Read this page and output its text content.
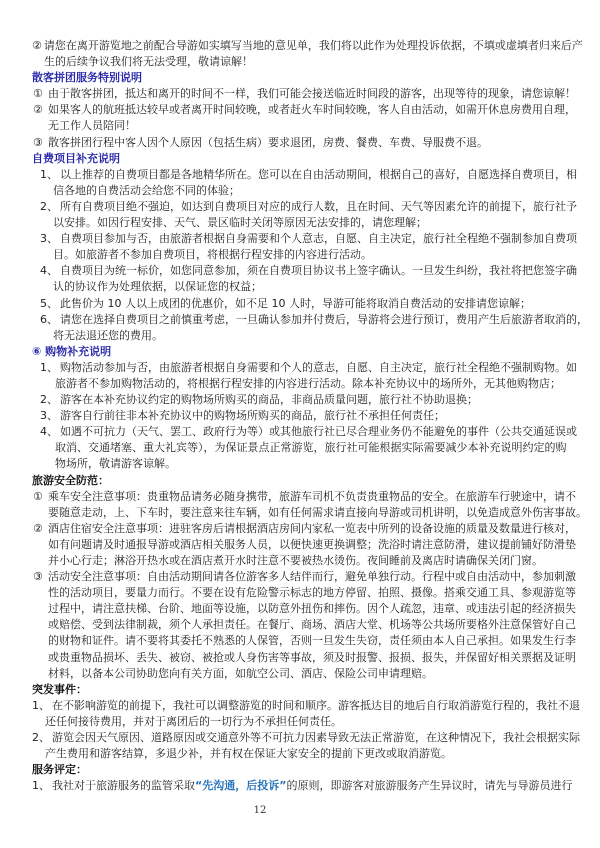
② 请您在离开游览地之前配合导游如实填写当地的意见单，我们将以此作为处理投诉依据，不填或虚填者归来后产
生的后续争议我们将无法受理，敬请谅解！
散客拼团服务特别说明
① 由于散客拼团，抵达和离开的时间不一样，我们可能会接送临近时间段的游客，出现等待的现象，请您谅解！
② 如果客人的航班抵达较早或者离开时间较晚，或者赶火车时间较晚，客人自由活动，如需开休息房费用自理，
无工作人员陪同！
③ 散客拼团行程中客人因个人原因（包括生病）要求退团，房费、餐费、车费、导服费不退。
自费项目补充说明
1、 以上推荐的自费项目都是各地精华所在。您可以在自由活动期间，根据自己的喜好，自愿选择自费项目，相
信各地的自费活动会给您不同的体验；
2、 所有自费项目绝不强迫，如达到自费项目对应的成行人数，且在时间、天气等因素允许的前提下，旅行社予
以安排。如因行程安排、天气、景区临时关闭等原因无法安排的，请您理解；
3、 自费项目参加与否，由旅游者根据自身需要和个人意志，自愿、自主决定，旅行社全程绝不强制参加自费项
目。如旅游者不参加自费项目，将根据行程安排的内容进行活动。
4、 自费项目为统一标价，如您同意参加，须在自费项目协议书上签字确认。一旦发生纠纷，我社将把您签字确
认的协议作为处理依据，以保证您的权益；
5、 此售价为 10 人以上成团的优惠价，如不足 10 人时，导游可能将取消自费活动的安排请您谅解；
6、 请您在选择自费项目之前慎重考虑，一旦确认参加并付费后，导游将会进行预订，费用产生后旅游者取消的，
将无法退还您的费用。
⑥ 购物补充说明
1、 购物活动参加与否，由旅游者根据自身需要和个人的意志，自愿、自主决定，旅行社全程绝不强制购物。如
旅游者不参加购物活动的，将根据行程安排的内容进行活动。除本补充协议中的场所外，无其他购物店；
2、 游客在本补充协议约定的购物场所购买的商品，非商品质量问题，旅行社不协助退换；
3、 游客自行前往非本补充协议中的购物场所购买的商品，旅行社不承担任何责任；
4、 如遇不可抗力（天气、罢工、政府行为等）或其他旅行社已尽合理业务仍不能避免的事件（公共交通延误或
取消、交通堵塞、重大礼宾等），为保证景点正常游览，旅行社可能根据实际需要减少本补充说明约定的购
物场所，敬请游客谅解。
旅游安全防范：
① 乘车安全注意事项：贵重物品请务必随身携带，旅游车司机不负责贵重物品的安全。在旅游车行驶途中，请不
要随意走动，上、下车时，要注意来往车辆，如有任何需求请直接向导游或司机讲明，以免造成意外伤害事故。
② 酒店住宿安全注意事项：进驻客房后请根据酒店房间内家私一览表中所列的设备设施的质量及数量进行核对，
如有问题请及时通报导游或酒店相关服务人员，以便快速更换调整；洗浴时请注意防滑，建议提前铺好防滑垫
并小心行走；淋浴开热水或在酒店煮开水时注意不要被热水烫伤。夜间睡前及离店时请确保关闭门窗。
③ 活动安全注意事项：自由活动期间请各位游客多人结伴而行，避免单独行动。行程中或自由活动中，参加刺激
性的活动项目，要量力而行。不要在设有危险警示标志的地方停留、拍照、摄像。搭乘交通工具、参观游览等
过程中，请注意扶梯、台阶、地面等设施，以防意外扭伤和摔伤。因个人疏忽，违章、或违法引起的经济损失
或赔偿、受到法律制裁，须个人承担责任。在餐厅、商场、酒店大堂、机场等公共场所要格外注意保管好自己
的财物和证件。请不要将其委托不熟悉的人保管，否则一旦发生失窃，责任须由本人自己承担。如果发生行李
或贵重物品损坏、丢失、被窃、被抢或人身伤害等事故，须及时报警、报损、报失，并保留好相关票据及证明
材料，以备本公司协助您向有关方面，如航空公司、酒店、保险公司申请理赔。
突发事件：
1、 在不影响游览的前提下，我社可以调整游览的时间和顺序。游客抵达目的地后自行取消游览行程的，我社不退
还任何接待费用，并对于离团后的一切行为不承担任何责任。
2、 游览会因天气原因、道路原因或交通意外等不可抗力因素导致无法正常游览，在这种情况下，我社会根据实际
产生费用和游客结算，多退少补，并有权在保证大家安全的提前下更改或取消游览。
服务评定：
1、 我社对于旅游服务的监管采取“先沟通，后投诉”的原则，即游客对旅游服务产生异议时，请先与导游员进行
12
